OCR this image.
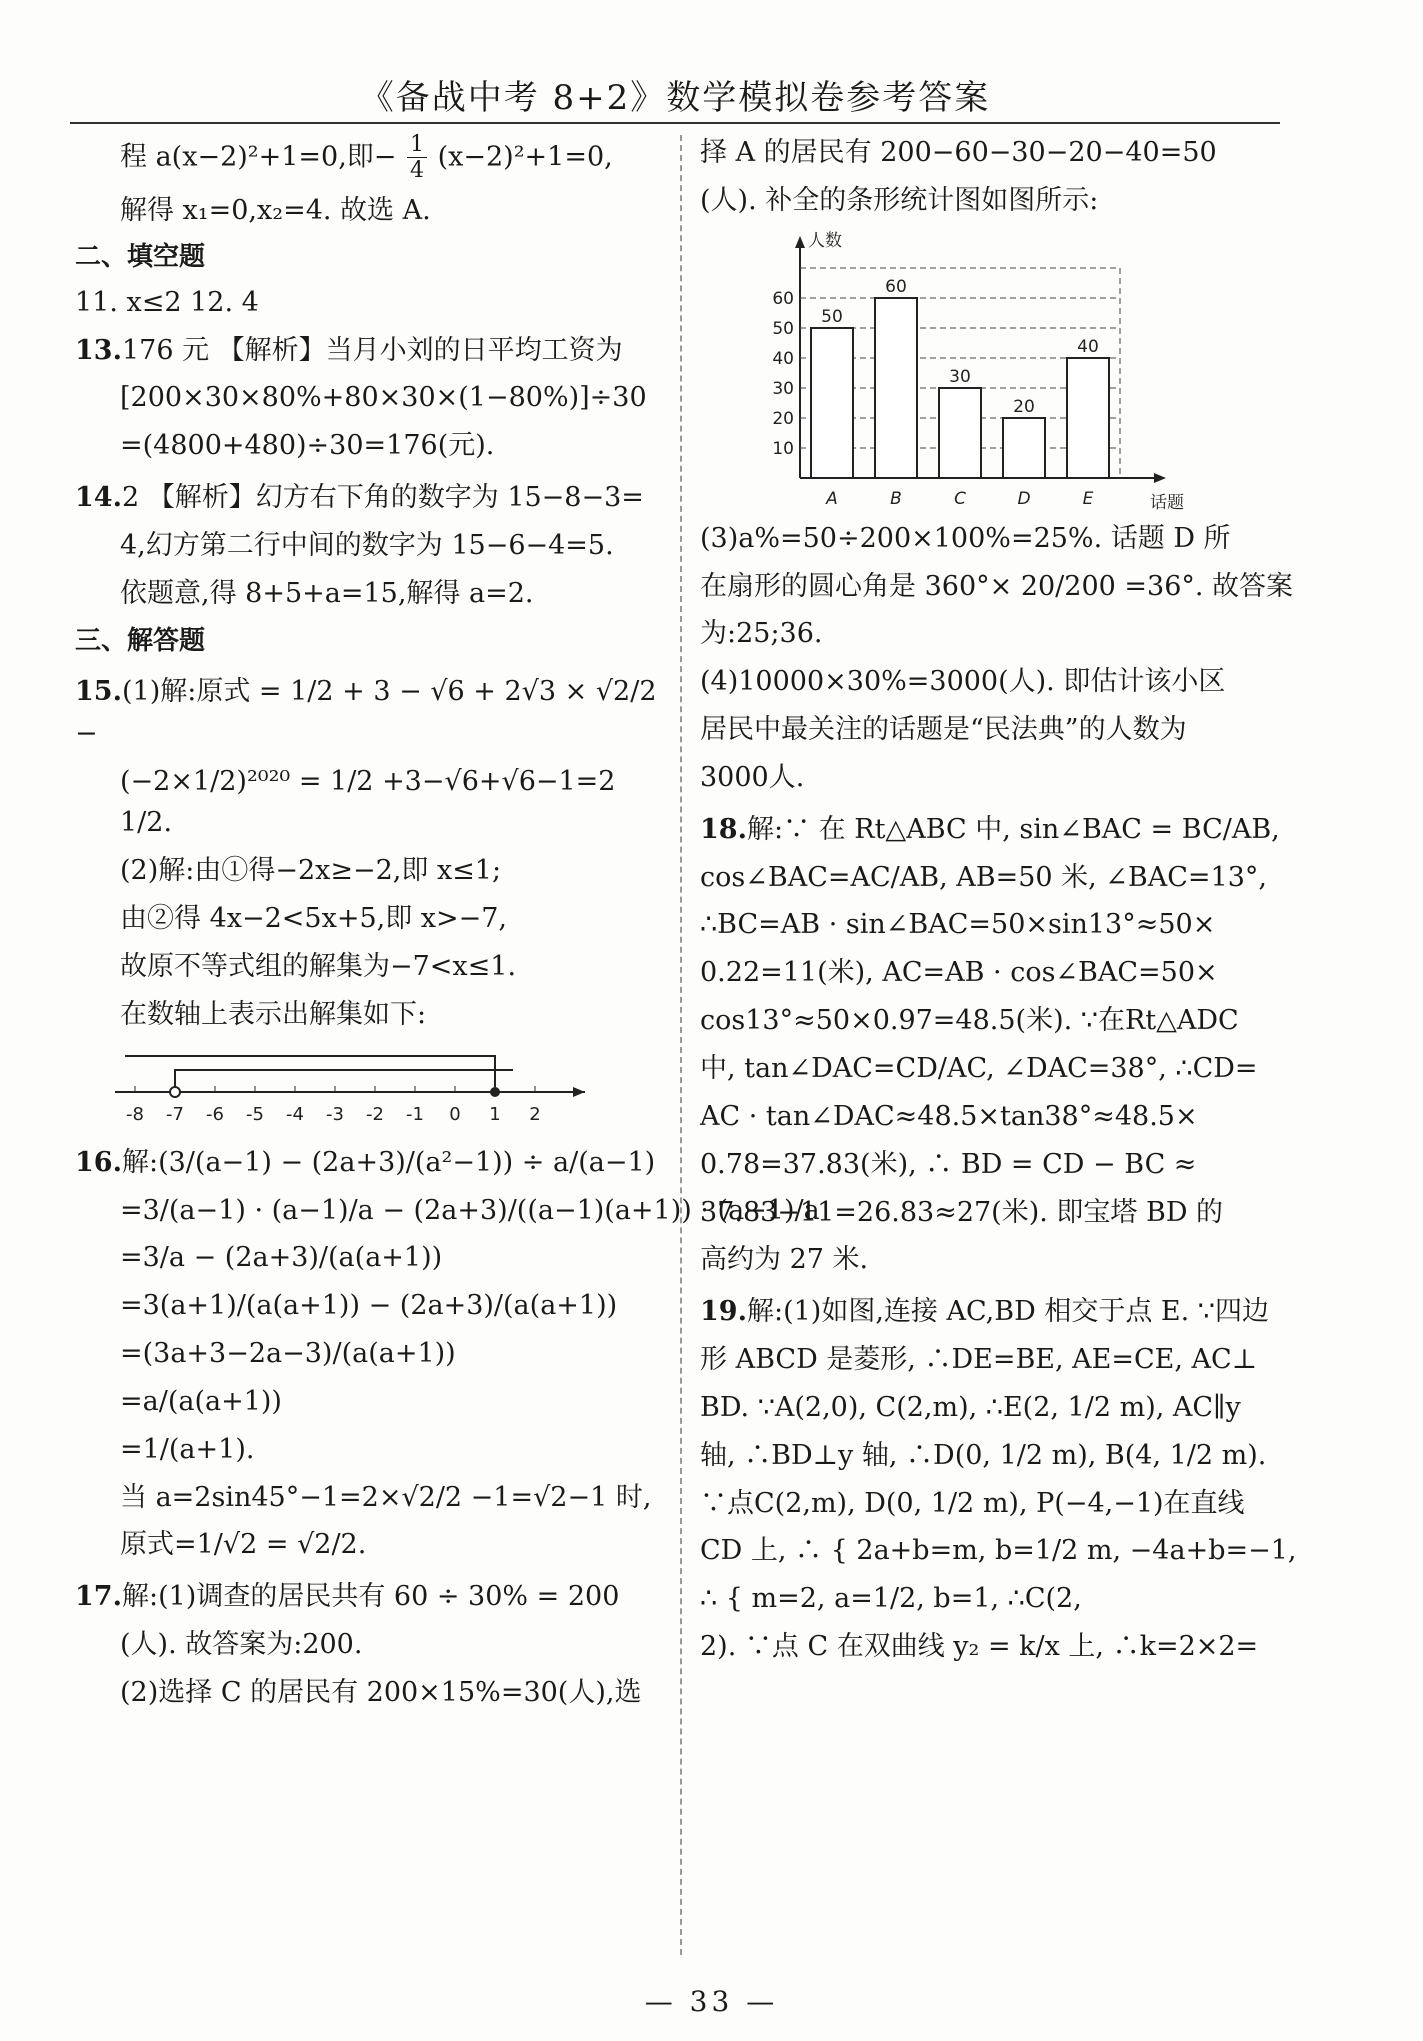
《备战中考 8+2》数学模拟卷参考答案

程 a(x−2)²+1=0,即− $\frac{1}{4} (x-2)^2+1=0$,

解得 x₁=0,x₂=4. 故选 A.

二、填空题

11. x≤2 12. 4

13.176 元 【解析】当月小刘的日平均工资为

[200×30×80%+80×30×(1−80%)]÷30

=(4800+480)÷30=176(元).

14.2 【解析】幻方右下角的数字为 15−8−3=

4,幻方第二行中间的数字为 15−6−4=5.

依题意,得 8+5+a=15,解得 a=2.

三、解答题

15.(1)解:原式 = 1/2 + 3 − √6 + 2√3 × √2/2 −

(−2×1/2)²⁰²⁰ = 1/2 +3−√6+√6−1=2 1/2.

(2)解:由①得−2x≥−2,即 x≤1;

由②得 4x−2<5x+5,即 x>−7,

故原不等式组的解集为−7<x≤1.

在数轴上表示出解集如下:

-8 -7 -6 -5 -4 -3 -2 -1 0 1 2

16.解:(3/(a−1) − (2a+3)/(a²−1)) ÷ a/(a−1)

=3/(a−1) · (a−1)/a − (2a+3)/((a−1)(a+1)) · (a−1)/a

=3/a − (2a+3)/(a(a+1))

=3(a+1)/(a(a+1)) − (2a+3)/(a(a+1))

=(3a+3−2a−3)/(a(a+1))

=a/(a(a+1))

=1/(a+1).

当 a=2sin45°−1=2×√2/2 −1=√2−1 时,

原式=1/√2 = √2/2.

17.解:(1)调查的居民共有 60 ÷ 30% = 200

(人). 故答案为:200.

(2)选择 C 的居民有 200×15%=30(人),选

择 A 的居民有 200−60−30−20−40=50

(人). 补全的条形统计图如图所示:

人数
话题
10
20
30
40
50
60
50
A
60
B
30
C
20
D
40
E

(3)a%=50÷200×100%=25%. 话题 D 所

在扇形的圆心角是 360°× 20/200 =36°. 故答案

为:25;36.

(4)10000×30%=3000(人). 即估计该小区

居民中最关注的话题是“民法典”的人数为

3000人.

18.解:∵ 在 Rt△ABC 中, sin∠BAC = BC/AB,

cos∠BAC=AC/AB, AB=50 米, ∠BAC=13°,

∴BC=AB · sin∠BAC=50×sin13°≈50×

0.22=11(米), AC=AB · cos∠BAC=50×

cos13°≈50×0.97=48.5(米). ∵在Rt△ADC

中, tan∠DAC=CD/AC, ∠DAC=38°, ∴CD=

AC · tan∠DAC≈48.5×tan38°≈48.5×

0.78=37.83(米), ∴ BD = CD − BC ≈

37.83−11=26.83≈27(米). 即宝塔 BD 的

高约为 27 米.

19.解:(1)如图,连接 AC,BD 相交于点 E. ∵四边

形 ABCD 是菱形, ∴DE=BE, AE=CE, AC⊥

BD. ∵A(2,0), C(2,m), ∴E(2, 1/2 m), AC∥y

轴, ∴BD⊥y 轴, ∴D(0, 1/2 m), B(4, 1/2 m).

∵点C(2,m), D(0, 1/2 m), P(−4,−1)在直线

CD 上, ∴ { 2a+b=m, b=1/2 m, −4a+b=−1,

∴ { m=2, a=1/2, b=1, ∴C(2,

2). ∵点 C 在双曲线 y₂ = k/x 上, ∴k=2×2=

— 33 —
